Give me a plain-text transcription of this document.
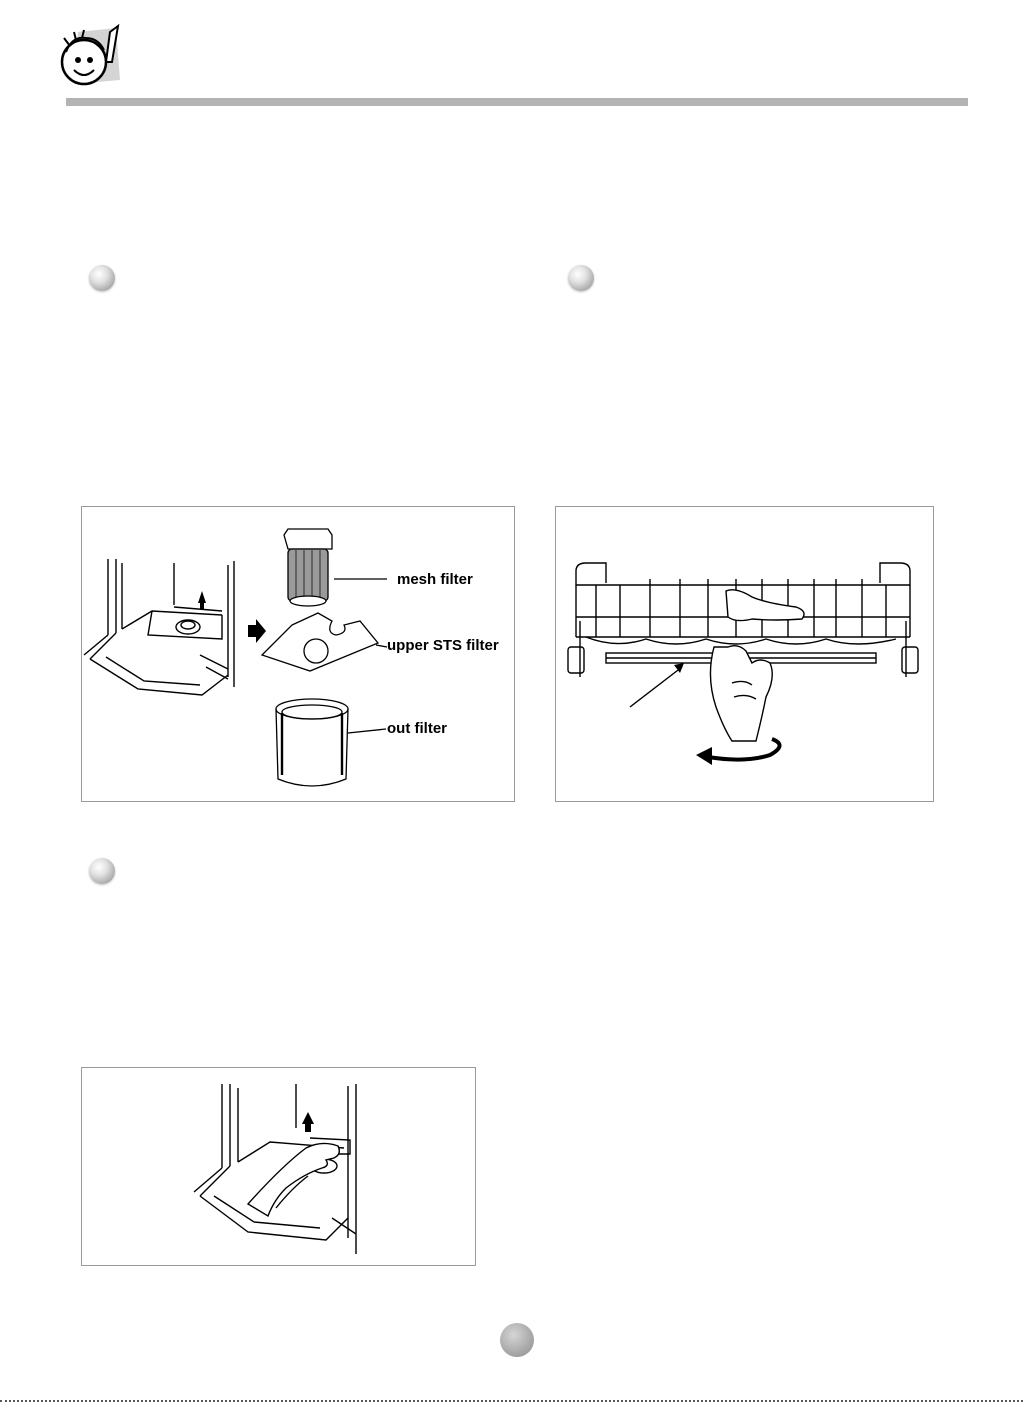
mesh filter
upper STS filter
out filter
